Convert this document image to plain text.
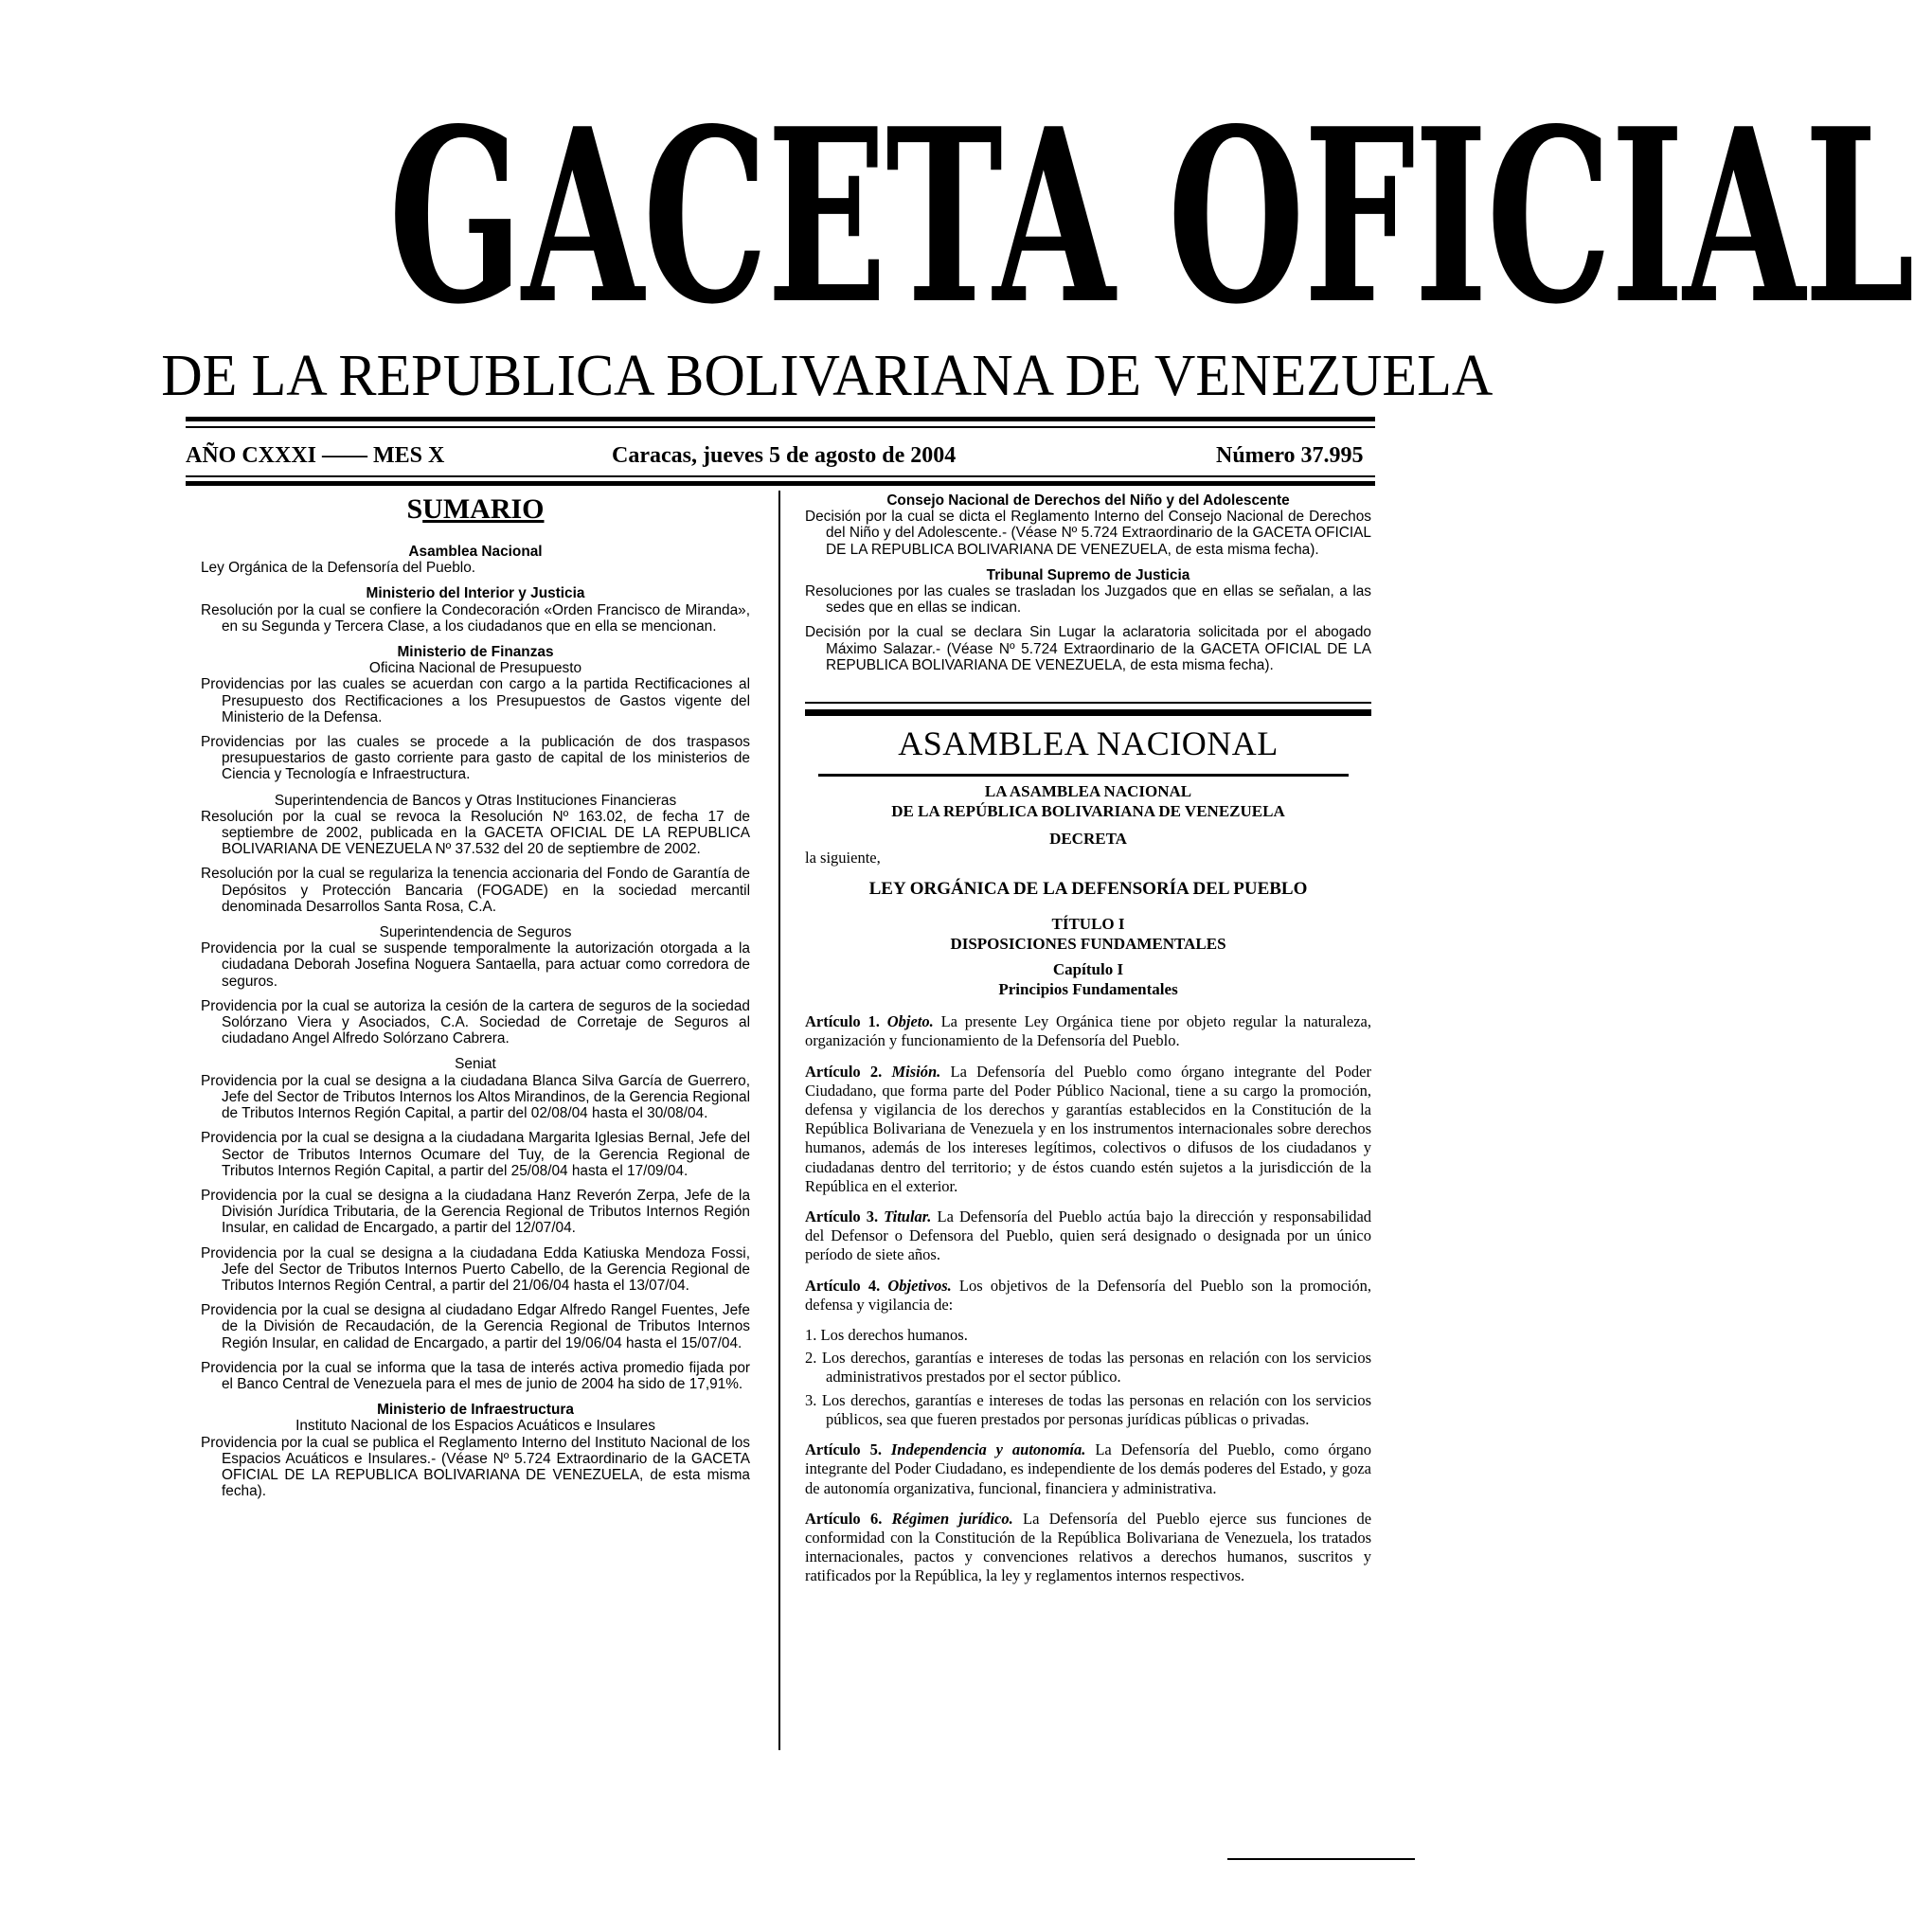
GACETA OFICIAL
DE LA REPUBLICA BOLIVARIANA DE VENEZUELA
AÑO CXXXI —— MES X	Caracas, jueves 5 de agosto de 2004	Número 37.995
SUMARIO
Asamblea Nacional
Ley Orgánica de la Defensoría del Pueblo.
Ministerio del Interior y Justicia
Resolución por la cual se confiere la Condecoración «Orden Francisco de Miranda», en su Segunda y Tercera Clase, a los ciudadanos que en ella se mencionan.
Ministerio de Finanzas
Oficina Nacional de Presupuesto
Providencias por las cuales se acuerdan con cargo a la partida Rectificaciones al Presupuesto dos Rectificaciones a los Presupuestos de Gastos vigente del Ministerio de la Defensa.
Providencias por las cuales se procede a la publicación de dos traspasos presupuestarios de gasto corriente para gasto de capital de los ministerios de Ciencia y Tecnología e Infraestructura.
Superintendencia de Bancos y Otras Instituciones Financieras
Resolución por la cual se revoca la Resolución Nº 163.02, de fecha 17 de septiembre de 2002, publicada en la GACETA OFICIAL DE LA REPUBLICA BOLIVARIANA DE VENEZUELA Nº 37.532 del 20 de septiembre de 2002.
Resolución por la cual se regulariza la tenencia accionaria del Fondo de Garantía de Depósitos y Protección Bancaria (FOGADE) en la sociedad mercantil denominada Desarrollos Santa Rosa, C.A.
Superintendencia de Seguros
Providencia por la cual se suspende temporalmente la autorización otorgada a la ciudadana Deborah Josefina Noguera Santaella, para actuar como corredora de seguros.
Providencia por la cual se autoriza la cesión de la cartera de seguros de la sociedad Solórzano Viera y Asociados, C.A. Sociedad de Corretaje de Seguros al ciudadano Angel Alfredo Solórzano Cabrera.
Seniat
Providencia por la cual se designa a la ciudadana Blanca Silva García de Guerrero, Jefe del Sector de Tributos Internos los Altos Mirandinos, de la Gerencia Regional de Tributos Internos Región Capital, a partir del 02/08/04 hasta el 30/08/04.
Providencia por la cual se designa a la ciudadana Margarita Iglesias Bernal, Jefe del Sector de Tributos Internos Ocumare del Tuy, de la Gerencia Regional de Tributos Internos Región Capital, a partir del 25/08/04 hasta el 17/09/04.
Providencia por la cual se designa a la ciudadana Hanz Reverón Zerpa, Jefe de la División Jurídica Tributaria, de la Gerencia Regional de Tributos Internos Región Insular, en calidad de Encargado, a partir del 12/07/04.
Providencia por la cual se designa a la ciudadana Edda Katiuska Mendoza Fossi, Jefe del Sector de Tributos Internos Puerto Cabello, de la Gerencia Regional de Tributos Internos Región Central, a partir del 21/06/04 hasta el 13/07/04.
Providencia por la cual se designa al ciudadano Edgar Alfredo Rangel Fuentes, Jefe de la División de Recaudación, de la Gerencia Regional de Tributos Internos Región Insular, en calidad de Encargado, a partir del 19/06/04 hasta el 15/07/04.
Providencia por la cual se informa que la tasa de interés activa promedio fijada por el Banco Central de Venezuela para el mes de junio de 2004 ha sido de 17,91%.
Ministerio de Infraestructura
Instituto Nacional de los Espacios Acuáticos e Insulares
Providencia por la cual se publica el Reglamento Interno del Instituto Nacional de los Espacios Acuáticos e Insulares.- (Véase Nº 5.724 Extraordinario de la GACETA OFICIAL DE LA REPUBLICA BOLIVARIANA DE VENEZUELA, de esta misma fecha).
Consejo Nacional de Derechos del Niño y del Adolescente
Decisión por la cual se dicta el Reglamento Interno del Consejo Nacional de Derechos del Niño y del Adolescente.- (Véase Nº 5.724 Extraordinario de la GACETA OFICIAL DE LA REPUBLICA BOLIVARIANA DE VENEZUELA, de esta misma fecha).
Tribunal Supremo de Justicia
Resoluciones por las cuales se trasladan los Juzgados que en ellas se señalan, a las sedes que en ellas se indican.
Decisión por la cual se declara Sin Lugar la aclaratoria solicitada por el abogado Máximo Salazar.- (Véase Nº 5.724 Extraordinario de la GACETA OFICIAL DE LA REPUBLICA BOLIVARIANA DE VENEZUELA, de esta misma fecha).
ASAMBLEA NACIONAL
LA ASAMBLEA NACIONAL
DE LA REPÚBLICA BOLIVARIANA DE VENEZUELA
DECRETA
la siguiente,
LEY ORGÁNICA DE LA DEFENSORÍA DEL PUEBLO
TÍTULO I
DISPOSICIONES FUNDAMENTALES
Capítulo I
Principios Fundamentales
Artículo 1. Objeto. La presente Ley Orgánica tiene por objeto regular la naturaleza, organización y funcionamiento de la Defensoría del Pueblo.
Artículo 2. Misión. La Defensoría del Pueblo como órgano integrante del Poder Ciudadano, que forma parte del Poder Público Nacional, tiene a su cargo la promoción, defensa y vigilancia de los derechos y garantías establecidos en la Constitución de la República Bolivariana de Venezuela y en los instrumentos internacionales sobre derechos humanos, además de los intereses legítimos, colectivos o difusos de los ciudadanos y ciudadanas dentro del territorio; y de éstos cuando estén sujetos a la jurisdicción de la República en el exterior.
Artículo 3. Titular. La Defensoría del Pueblo actúa bajo la dirección y responsabilidad del Defensor o Defensora del Pueblo, quien será designado o designada por un único período de siete años.
Artículo 4. Objetivos. Los objetivos de la Defensoría del Pueblo son la promoción, defensa y vigilancia de:
1. Los derechos humanos.
2. Los derechos, garantías e intereses de todas las personas en relación con los servicios administrativos prestados por el sector público.
3. Los derechos, garantías e intereses de todas las personas en relación con los servicios públicos, sea que fueren prestados por personas jurídicas públicas o privadas.
Artículo 5. Independencia y autonomía. La Defensoría del Pueblo, como órgano integrante del Poder Ciudadano, es independiente de los demás poderes del Estado, y goza de autonomía organizativa, funcional, financiera y administrativa.
Artículo 6. Régimen jurídico. La Defensoría del Pueblo ejerce sus funciones de conformidad con la Constitución de la República Bolivariana de Venezuela, los tratados internacionales, pactos y convenciones relativos a derechos humanos, suscritos y ratificados por la República, la ley y reglamentos internos respectivos.
